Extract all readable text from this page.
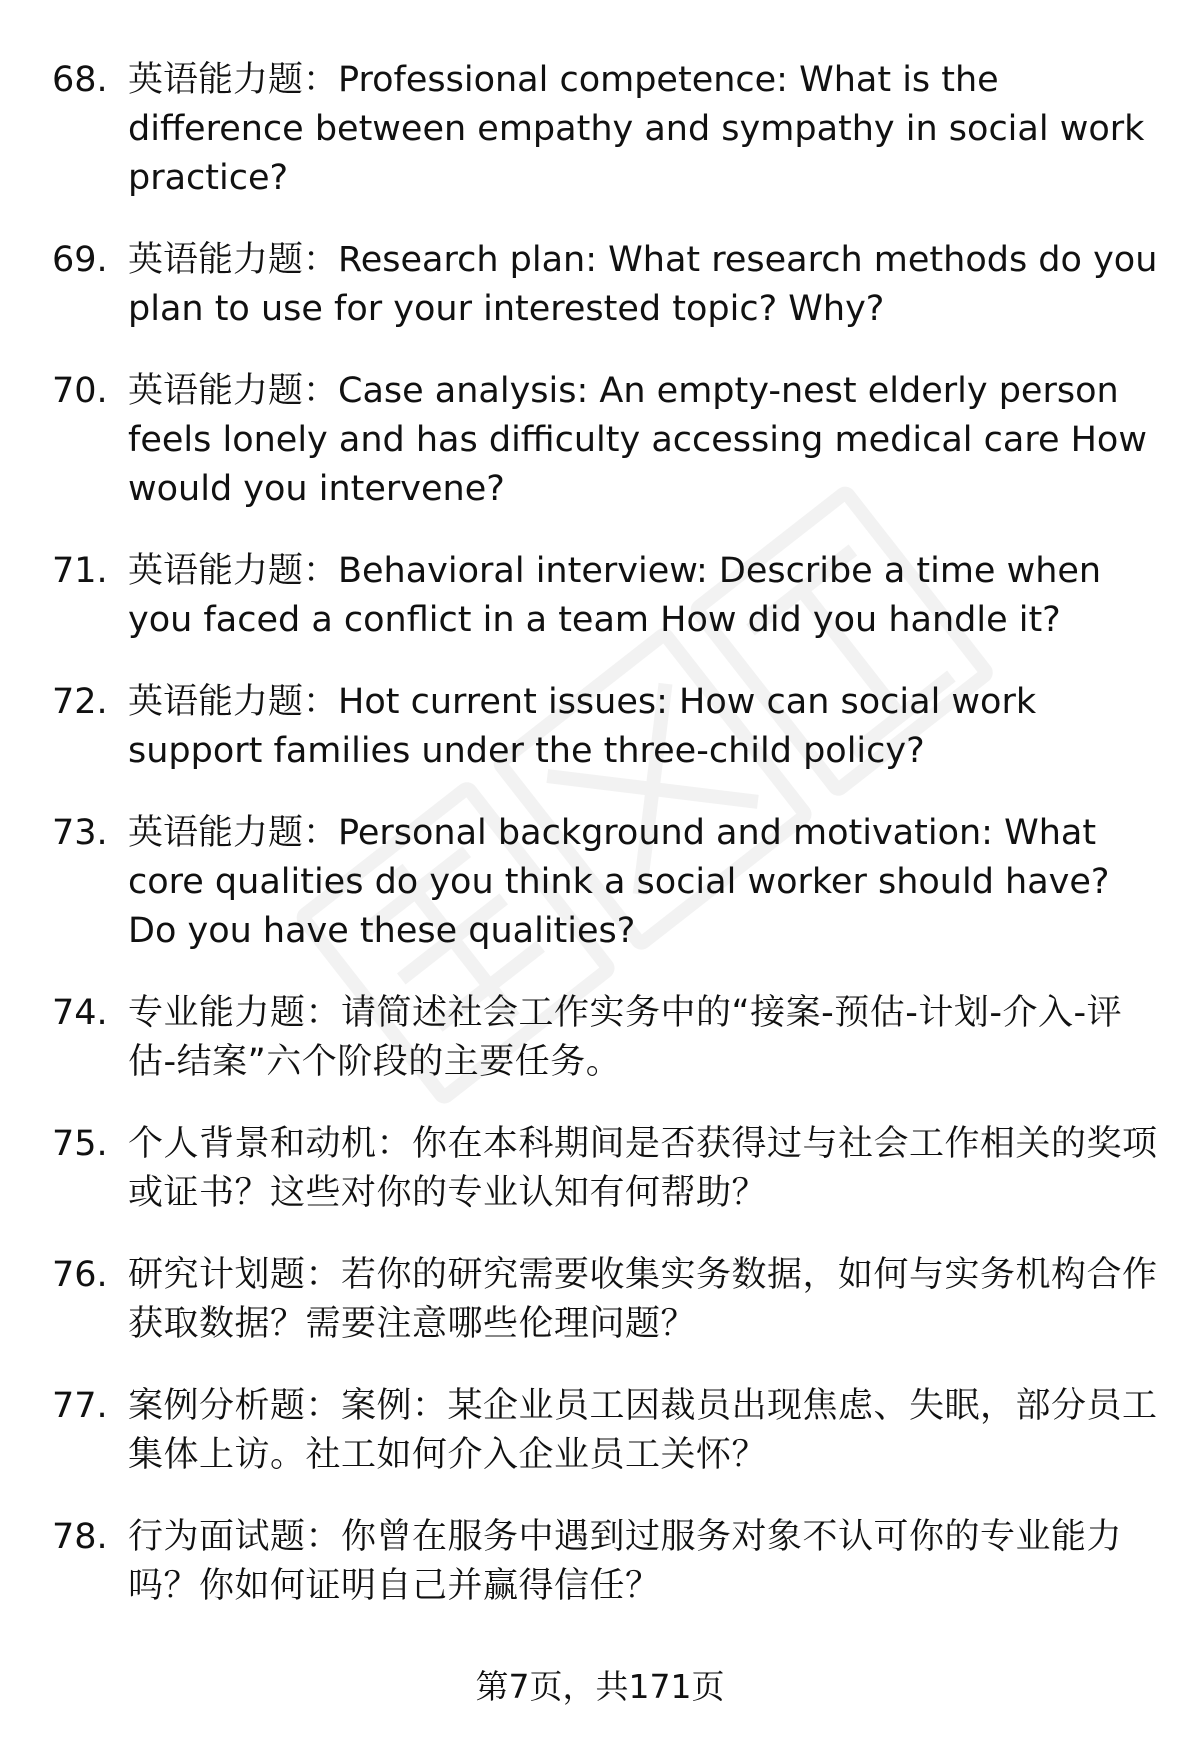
68. 英语能力题：Professional competence: What is the difference between empathy and sympathy in social work practice?
69. 英语能力题：Research plan: What research methods do you plan to use for your interested topic? Why?
70. 英语能力题：Case analysis: An empty-nest elderly person feels lonely and has difficulty accessing medical care How would you intervene?
71. 英语能力题：Behavioral interview: Describe a time when you faced a conflict in a team How did you handle it?
72. 英语能力题：Hot current issues: How can social work support families under the three-child policy?
73. 英语能力题：Personal background and motivation: What core qualities do you think a social worker should have? Do you have these qualities?
74. 专业能力题：请简述社会工作实务中的“接案-预估-计划-介入-评估-结案”六个阶段的主要任务。
75. 个人背景和动机：你在本科期间是否获得过与社会工作相关的奖项或证书？这些对你的专业认知有何帮助？
76. 研究计划题：若你的研究需要收集实务数据，如何与实务机构合作获取数据？需要注意哪些伦理问题？
77. 案例分析题：案例：某企业员工因裁员出现焦虑、失眠，部分员工集体上访。社工如何介入企业员工关怀？
78. 行为面试题：你曾在服务中遇到过服务对象不认可你的专业能力吗？你如何证明自己并赢得信任？
第7页，共171页
